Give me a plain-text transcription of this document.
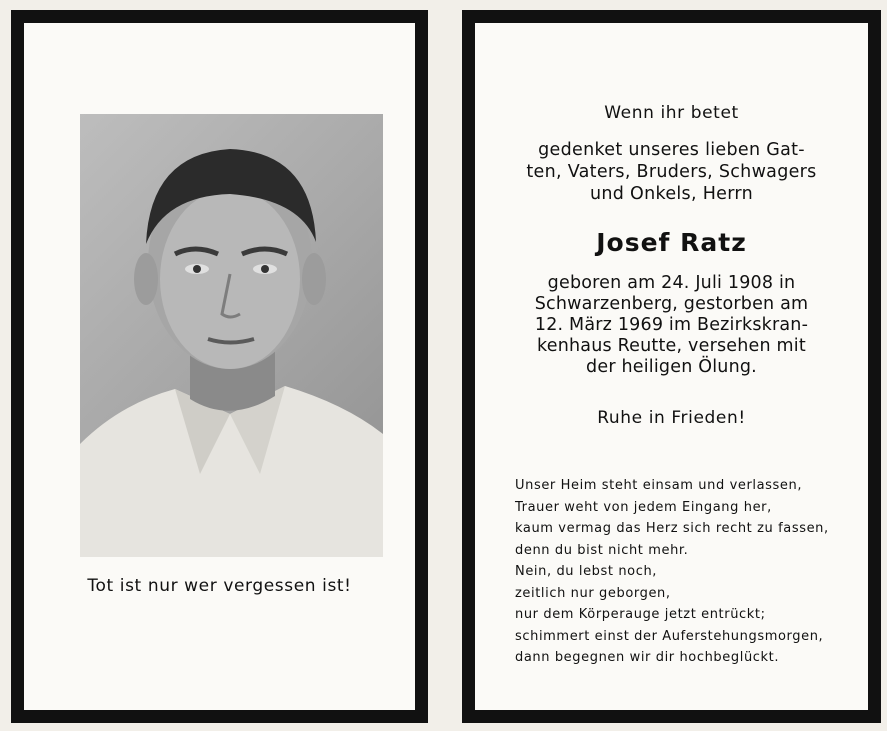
Tot ist nur wer vergessen ist!
Wenn ihr betet
gedenket unseres lieben Gat-
ten, Vaters, Bruders, Schwagers
und Onkels, Herrn
Josef Ratz
geboren am 24. Juli 1908 in
Schwarzenberg, gestorben am
12. März 1969 im Bezirkskran-
kenhaus Reutte, versehen mit
der heiligen Ölung.
Ruhe in Frieden!
Unser Heim steht einsam und verlassen,
Trauer weht von jedem Eingang her,
kaum vermag das Herz sich recht zu fassen,
denn du bist nicht mehr.
Nein, du lebst noch,
zeitlich nur geborgen,
nur dem Körperauge jetzt entrückt;
schimmert einst der Auferstehungsmorgen,
dann begegnen wir dir hochbeglückt.
